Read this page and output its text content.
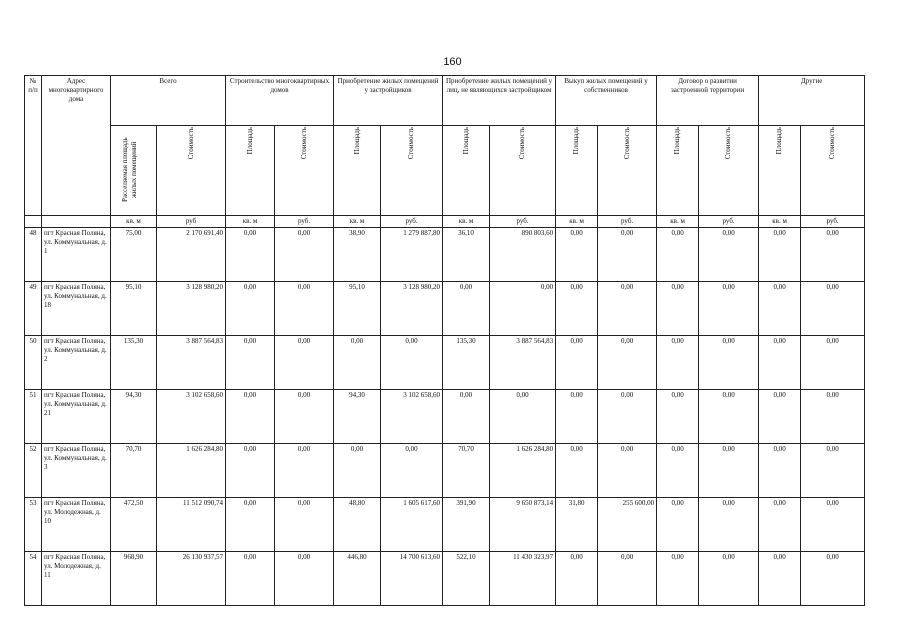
160
№ п/п	Адрес многоквартирного дома	Всего		Строительство многоквартирных домов		Приобретение жилых помещений у застройщиков		Приобретение жилых помещений у лиц, не являющихся застройщиком		Выкуп жилых помещений у собственников		Договор о развитии застроенной территории		Другие	

		Расселяемая площадь жилых помещений	Стоимость	Площадь	Стоимость	Площадь	Стоимость	Площадь	Стоимость	Площадь	Стоимость	Площадь	Стоимость	Площадь	Стоимость

		кв. м	руб	кв. м	руб.	кв. м	руб.	кв. м	руб.	кв. м	руб.	кв. м	руб.	кв. м	руб.
48	пгт Красная Поляна, ул. Коммунальная, д. 1	75,00	2 170 691,40	0,00	0,00	38,90	1 279 887,80	36,10	890 803,60	0,00	0,00	0,00	0,00	0,00	0,00
49	пгт Красная Поляна, ул. Коммунальная, д. 18	95,10	3 128 980,20	0,00	0,00	95,10	3 128 980,20	0,00	0,00	0,00	0,00	0,00	0,00	0,00	0,00
50	пгт Красная Поляна, ул. Коммунальная, д. 2	135,30	3 887 564,83	0,00	0,00	0,00	0,00	135,30	3 887 564,83	0,00	0,00	0,00	0,00	0,00	0,00
51	пгт Красная Поляна, ул. Коммунальная, д. 21	94,30	3 102 658,60	0,00	0,00	94,30	3 102 658,60	0,00	0,00	0,00	0,00	0,00	0,00	0,00	0,00
52	пгт Красная Поляна, ул. Коммунальная, д. 3	70,70	1 626 284,80	0,00	0,00	0,00	0,00	70,70	1 626 284,80	0,00	0,00	0,00	0,00	0,00	0,00
53	пгт Красная Поляна, ул. Молодежная, д. 10	472,50	11 512 090,74	0,00	0,00	48,80	1 605 617,60	391,90	9 650 873,14	31,80	255 600,00	0,00	0,00	0,00	0,00
54	пгт Красная Поляна, ул. Молодежная, д. 11	968,90	26 130 937,57	0,00	0,00	446,80	14 700 613,60	522,10	11 430 323,97	0,00	0,00	0,00	0,00	0,00	0,00
